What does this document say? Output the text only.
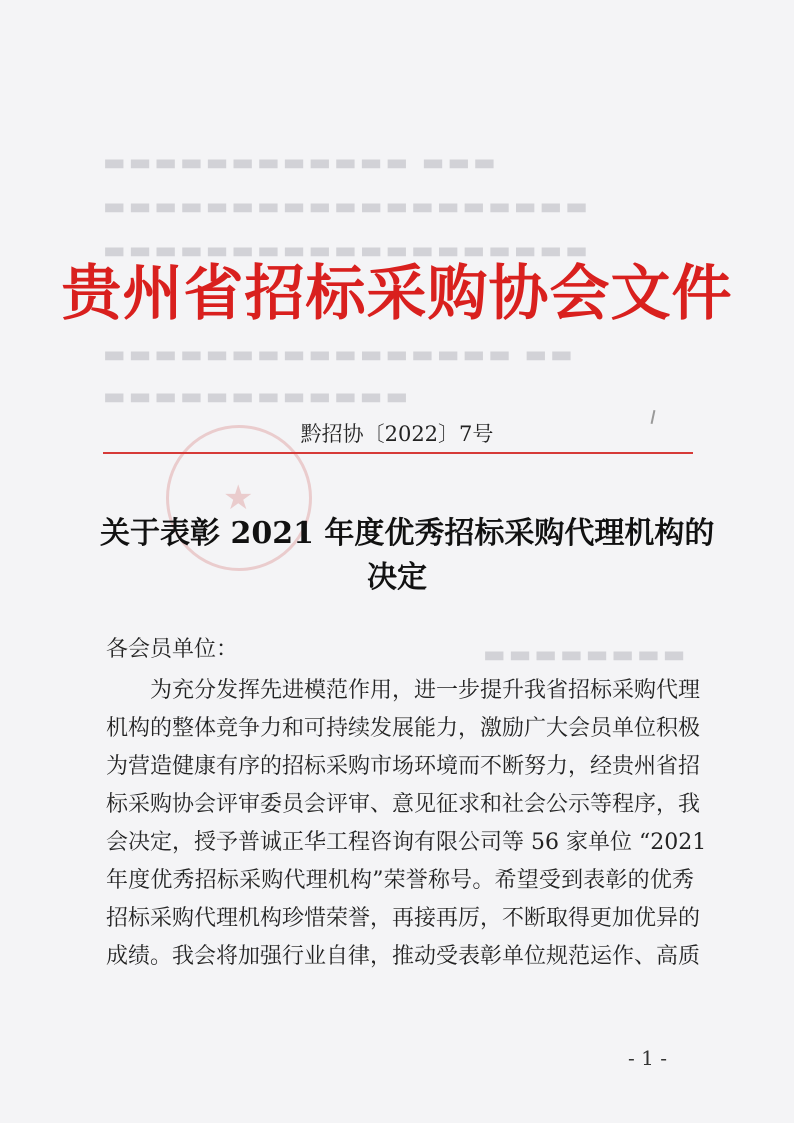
▬▬▬ ▬▬▬▬▬▬▬▬▬▬▬▬
▬▬▬▬▬▬▬▬▬▬▬▬▬▬▬▬▬▬▬
▬▬▬▬▬▬▬▬▬▬▬▬▬▬▬▬▬▬▬
▬▬ ▬▬▬▬▬▬▬▬▬▬▬▬▬▬▬▬
▬▬▬▬▬▬▬▬▬▬▬▬
▬▬▬▬▬▬▬▬
★
贵州省招标采购协会文件
黔招协〔2022〕7号
关于表彰 2021 年度优秀招标采购代理机构的
决定
各会员单位：
为充分发挥先进模范作用，进一步提升我省招标采购代理
机构的整体竞争力和可持续发展能力，激励广大会员单位积极
为营造健康有序的招标采购市场环境而不断努力，经贵州省招
标采购协会评审委员会评审、意见征求和社会公示等程序，我
会决定，授予普诚正华工程咨询有限公司等 56 家单位 “2021
年度优秀招标采购代理机构”荣誉称号。希望受到表彰的优秀
招标采购代理机构珍惜荣誉，再接再厉，不断取得更加优异的
成绩。我会将加强行业自律，推动受表彰单位规范运作、高质
- 1 -
